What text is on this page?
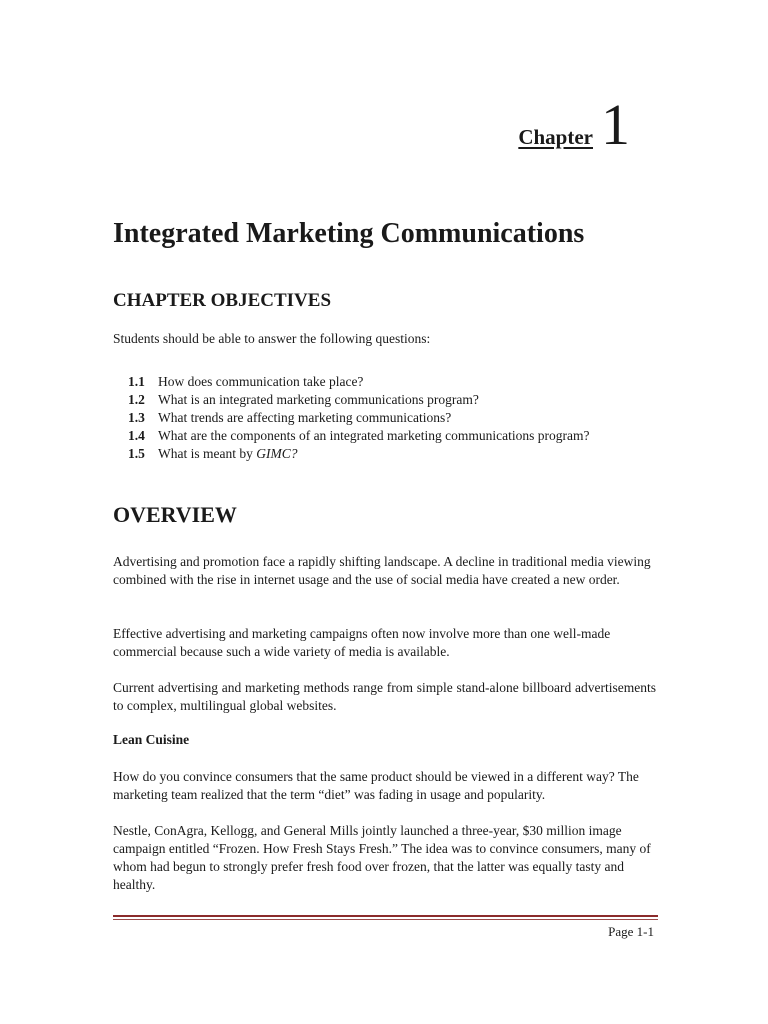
Chapter 1
Integrated Marketing Communications
CHAPTER OBJECTIVES

Students should be able to answer the following questions:

1.1 How does communication take place?
1.2 What is an integrated marketing communications program?
1.3 What trends are affecting marketing communications?
1.4 What are the components of an integrated marketing communications program?
1.5 What is meant by GIMC?
OVERVIEW

Advertising and promotion face a rapidly shifting landscape. A decline in traditional media viewing combined with the rise in internet usage and the use of social media have created a new order.

Effective advertising and marketing campaigns often now involve more than one well-made commercial because such a wide variety of media is available.

Current advertising and marketing methods range from simple stand-alone billboard advertisements to complex, multilingual global websites.

Lean Cuisine

How do you convince consumers that the same product should be viewed in a different way? The marketing team realized that the term “diet” was fading in usage and popularity.

Nestle, ConAgra, Kellogg, and General Mills jointly launched a three-year, $30 million image campaign entitled “Frozen. How Fresh Stays Fresh.” The idea was to convince consumers, many of whom had begun to strongly prefer fresh food over frozen, that the latter was equally tasty and healthy.

Page 1-1
